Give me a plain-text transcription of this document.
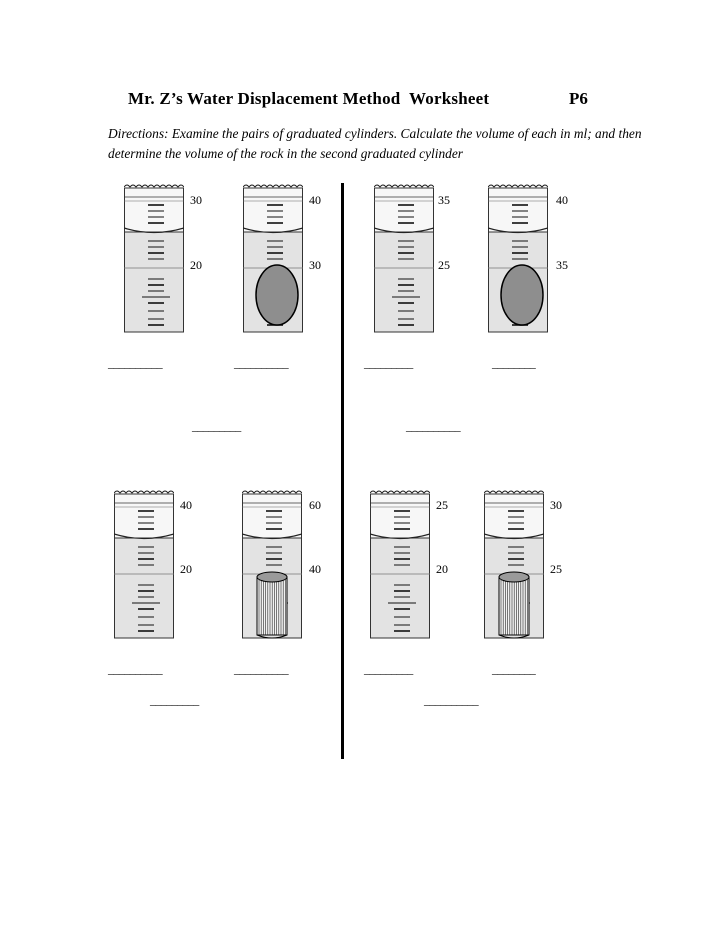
Mr. Z’s Water Displacement Method  Worksheet	P6
Directions: Examine the pairs of graduated cylinders. Calculate the volume of each in ml; and then determine the volume of the rock in the second graduated cylinder
30
20
40
30
__________	__________
_________
35
25
40
35
_________	________
__________
40
20
60
40
__________	__________
_________
25
20
30
25
_________	________
__________
